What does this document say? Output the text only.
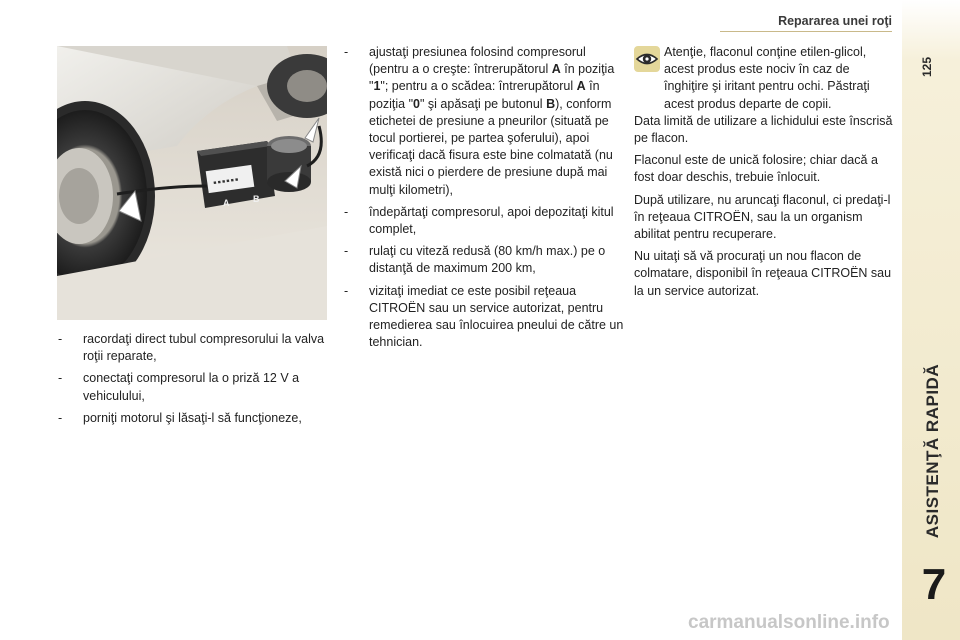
Repararea unei roţi
125
ASISTENŢĂ RAPIDĂ
7
■ ■ ■ ■ ■ ■
A	B
- racordaţi direct tubul compresorului la valva roţii reparate,
- conectaţi compresorul la o priză 12 V a vehiculului,
- porniţi motorul şi lăsaţi-l să funcţioneze,
- ajustaţi presiunea folosind compresorul (pentru a o creşte: întrerupătorul A în poziţia "1"; pentru a o scădea: întrerupătorul A în poziţia "0" şi apăsaţi pe butonul B), conform etichetei de presiune a pneurilor (situată pe tocul portierei, pe partea şoferului), apoi verificaţi dacă fisura este bine colmatată (nu există nici o pierdere de presiune după mai mulţi kilometri),
- îndepărtaţi compresorul, apoi depozitaţi kitul complet,
- rulaţi cu viteză redusă (80 km/h max.) pe o distanţă de maximum 200 km,
- vizitaţi imediat ce este posibil reţeaua CITROËN sau un service autorizat, pentru remedierea sau înlocuirea pneului de către un tehnician.
Atenţie, flaconul conţine etilen-glicol, acest produs este nociv în caz de înghiţire şi iritant pentru ochi. Păstraţi acest produs departe de copii.

Data limită de utilizare a lichidului este înscrisă pe flacon.

Flaconul este de unică folosire; chiar dacă a fost doar deschis, trebuie înlocuit.

După utilizare, nu aruncaţi flaconul, ci predaţi-l în reţeaua CITROËN, sau la un organism abilitat pentru recuperare.

Nu uitaţi să vă procuraţi un nou flacon de colmatare, disponibil în reţeaua CITROËN sau la un service autorizat.

carmanualsonline.info
